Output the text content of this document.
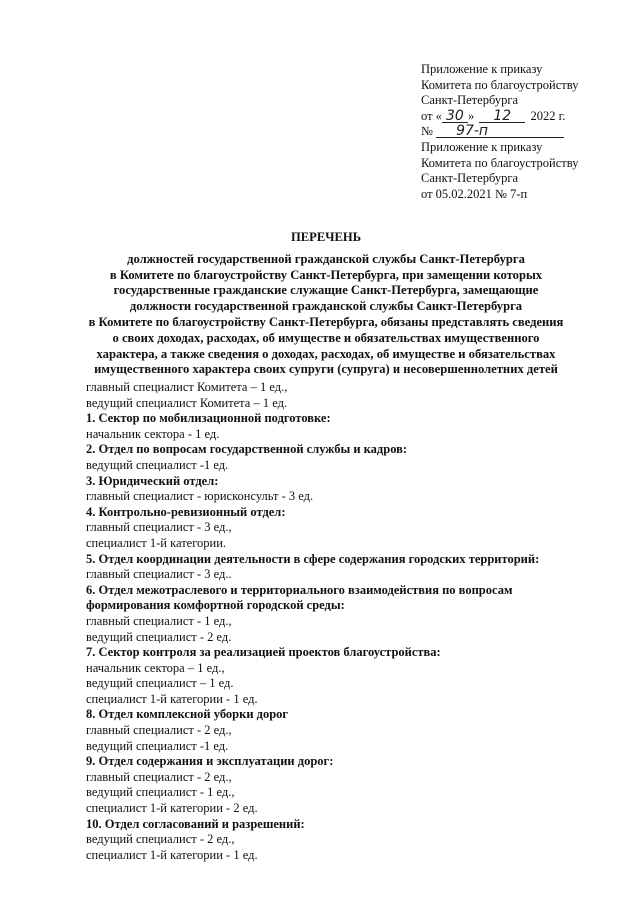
Приложение к приказу
Комитета по благоустройству
Санкт-Петербурга
от « 30 » 12 2022 г.
№ 97-п
Приложение к приказу
Комитета по благоустройству
Санкт-Петербурга
от 05.02.2021 № 7-п
ПЕРЕЧЕНЬ
должностей государственной гражданской службы Санкт-Петербурга
в Комитете по благоустройству Санкт-Петербурга, при замещении которых
государственные гражданские служащие Санкт-Петербурга, замещающие
должности государственной гражданской службы Санкт-Петербурга
в Комитете по благоустройству Санкт-Петербурга, обязаны представлять сведения
о своих доходах, расходах, об имуществе и обязательствах имущественного
характера, а также сведения о доходах, расходах, об имуществе и обязательствах
имущественного характера своих супруги (супруга) и несовершеннолетних детей
главный специалист Комитета – 1 ед.,
ведущий специалист Комитета – 1 ед.
1. Сектор по мобилизационной подготовке:
начальник сектора - 1 ед.
2. Отдел по вопросам государственной службы и кадров:
ведущий специалист -1 ед.
3. Юридический отдел:
главный специалист - юрисконсульт - 3 ед.
4. Контрольно-ревизионный отдел:
главный специалист - 3 ед.,
специалист 1-й категории.
5. Отдел координации деятельности в сфере содержания городских территорий:
главный специалист - 3 ед..
6. Отдел межотраслевого и территориального взаимодействия по вопросам
формирования комфортной городской среды:
главный специалист - 1 ед.,
ведущий специалист - 2 ед.
7. Сектор контроля за реализацией проектов благоустройства:
начальник сектора – 1 ед.,
ведущий специалист – 1 ед.
специалист 1-й категории - 1 ед.
8. Отдел комплексной уборки дорог
главный специалист - 2 ед.,
ведущий специалист -1 ед.
9. Отдел содержания и эксплуатации дорог:
главный специалист - 2 ед.,
ведущий специалист - 1 ед.,
специалист 1-й категории - 2 ед.
10. Отдел согласований и разрешений:
ведущий специалист - 2 ед.,
специалист 1-й категории - 1 ед.
